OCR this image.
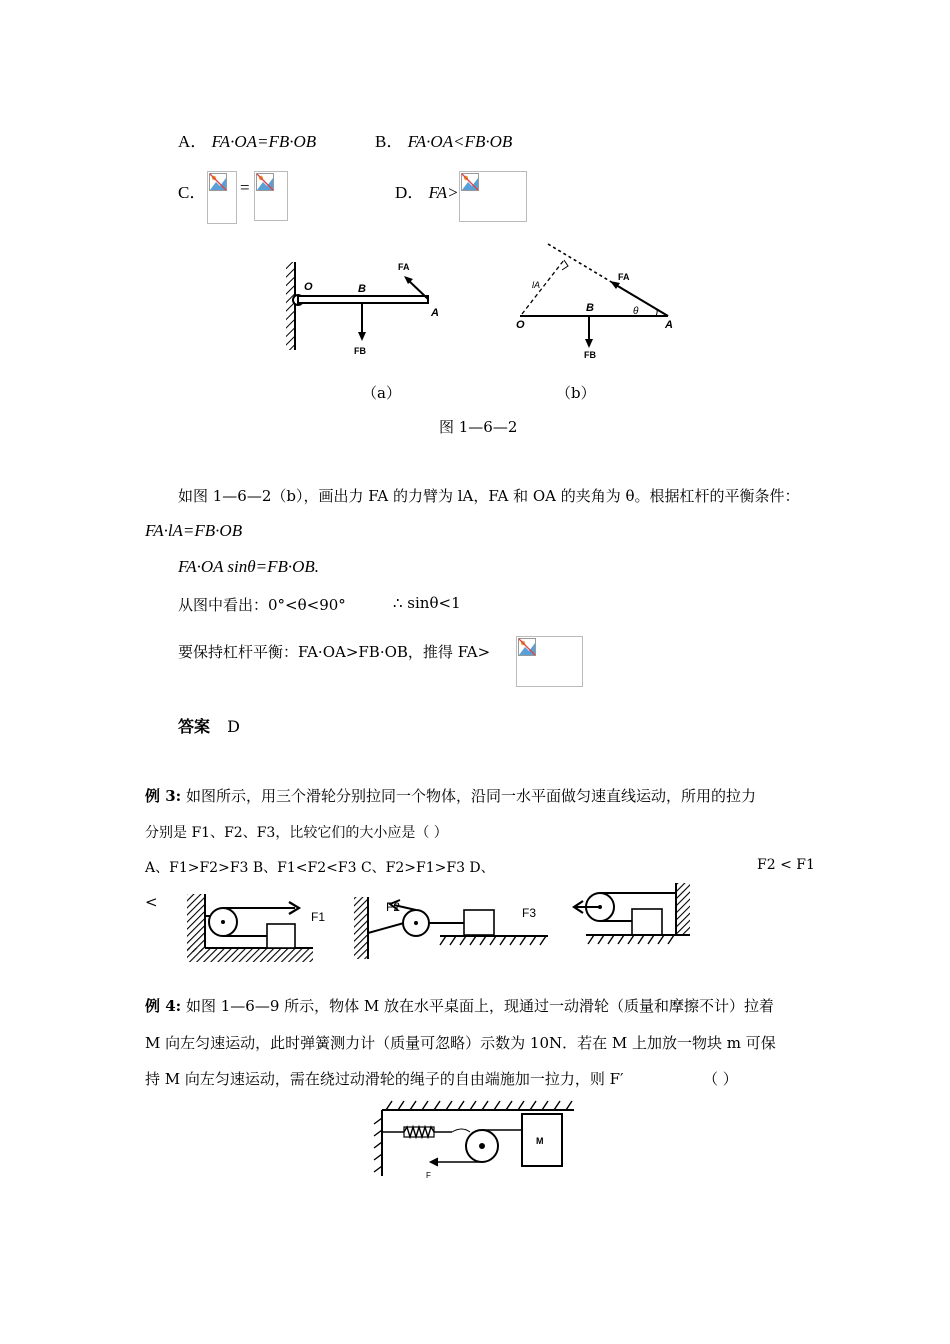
A． FA·OA=FB·OB	B． FA·OA<FB·OB
C． =	D． FA>
O	B
A
FA
FB
（a）
O
B
A
FA
FB
lA
θ
（b）
图 1—6—2
如图 1—6—2（b），画出力 FA 的力臂为 lA，FA 和 OA 的夹角为 θ。根据杠杆的平衡条件：
FA·lA=FB·OB
FA·OA sinθ=FB·OB.
从图中看出：0°<θ<90°	∴ sinθ<1
要保持杠杆平衡：FA·OA>FB·OB，推得 FA>
答案 D
例 3: 如图所示，用三个滑轮分别拉同一个物体，沿同一水平面做匀速直线运动，所用的拉力
分别是 F1、F2、F3，比较它们的大小应是（ ）
A、F1>F2>F3 B、F1<F2<F3 C、F2>F1>F3 D、	F2 < F1
<
F1
F2	F3
例 4: 如图 1—6—9 所示，物体 M 放在水平桌面上，现通过一动滑轮（质量和摩擦不计）拉着
M 向左匀速运动，此时弹簧测力计（质量可忽略）示数为 10N．若在 M 上加放一物块 m 可保
持 M 向左匀速运动，需在绕过动滑轮的绳子的自由端施加一拉力，则 F′	（ ）
M
F
